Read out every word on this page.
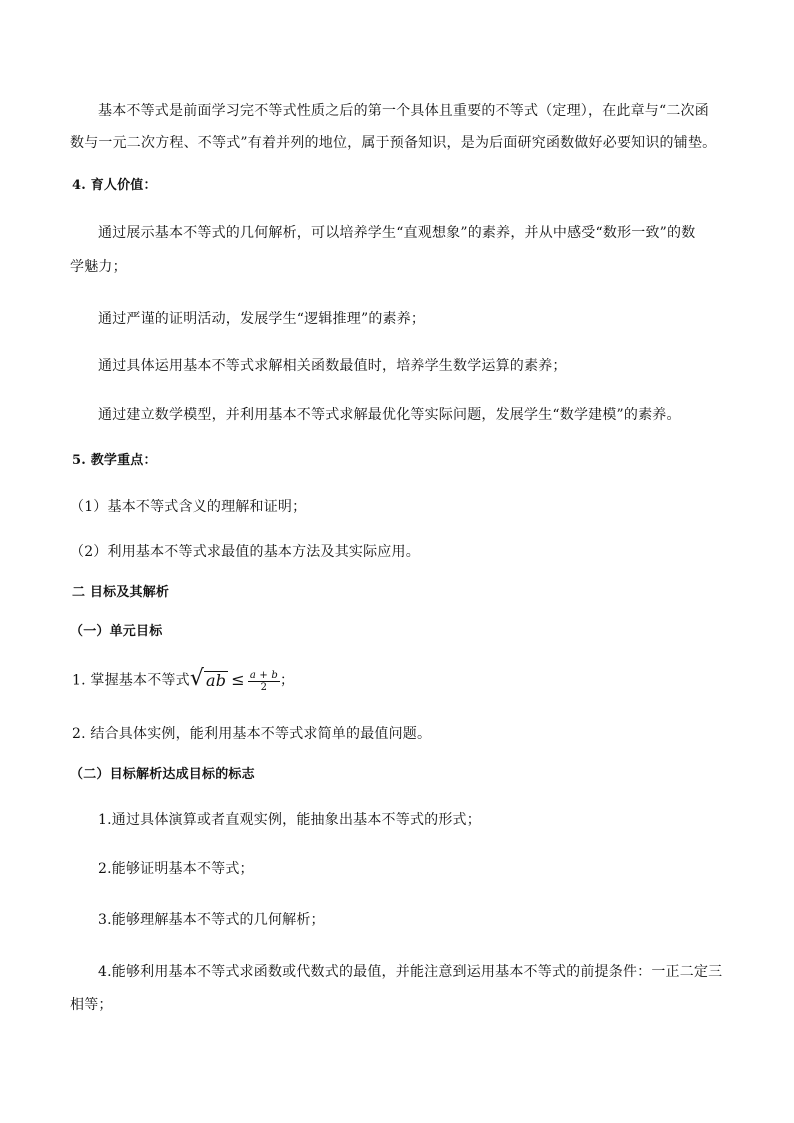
基本不等式是前面学习完不等式性质之后的第一个具体且重要的不等式（定理），在此章与“二次函
数与一元二次方程、不等式”有着并列的地位，属于预备知识，是为后面研究函数做好必要知识的铺垫。
4. 育人价值：
通过展示基本不等式的几何解析，可以培养学生“直观想象”的素养，并从中感受“数形一致”的数
学魅力；
通过严谨的证明活动，发展学生“逻辑推理”的素养；
通过具体运用基本不等式求解相关函数最值时，培养学生数学运算的素养；
通过建立数学模型，并利用基本不等式求解最优化等实际问题，发展学生“数学建模”的素养。
5. 教学重点：
（1）基本不等式含义的理解和证明；
（2）利用基本不等式求最值的基本方法及其实际应用。
二 目标及其解析
（一）单元目标
1. 掌握基本不等式 √ ab ≤ $\frac{a + b}{2}$ ；
2. 结合具体实例，能利用基本不等式求简单的最值问题。
（二）目标解析达成目标的标志
1.通过具体演算或者直观实例，能抽象出基本不等式的形式；
2.能够证明基本不等式；
3.能够理解基本不等式的几何解析；
4.能够利用基本不等式求函数或代数式的最值，并能注意到运用基本不等式的前提条件：一正二定三
相等；
